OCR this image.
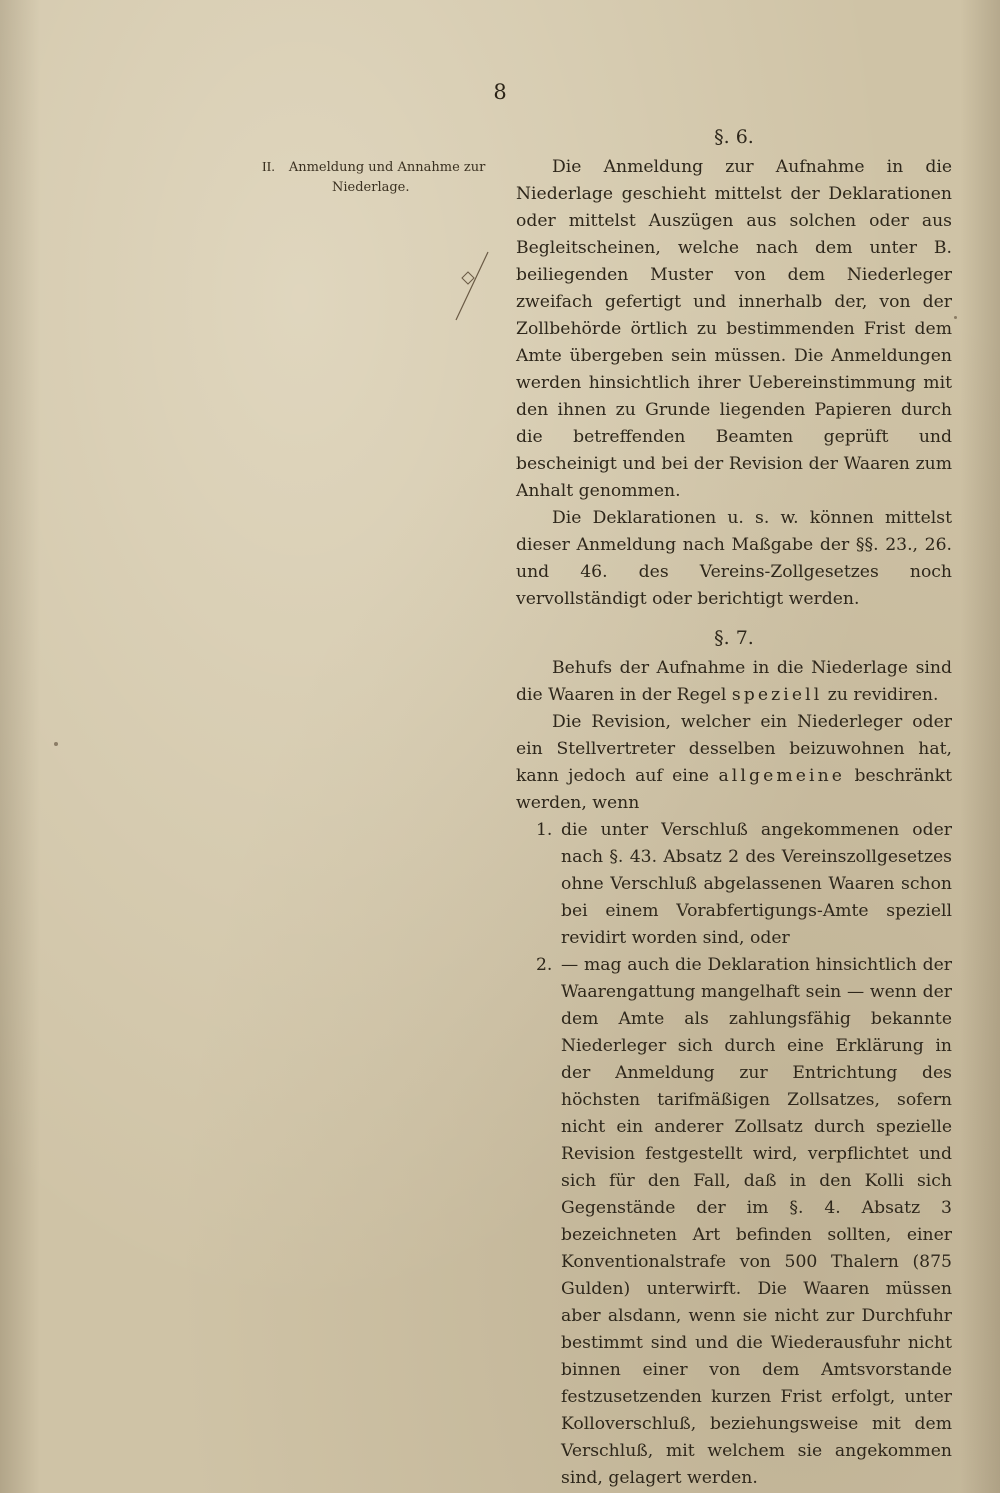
8
II. Anmeldung und Annahme zur
Niederlage.
§. 6.

Die Anmeldung zur Aufnahme in die Niederlage geschieht mittelst der Deklarationen oder mittelst Auszügen aus solchen oder aus Begleitscheinen, welche nach dem unter B. beiliegenden Muster von dem Niederleger zweifach gefertigt und innerhalb der, von der Zollbehörde örtlich zu bestimmenden Frist dem Amte übergeben sein müssen. Die Anmeldungen werden hinsichtlich ihrer Uebereinstimmung mit den ihnen zu Grunde liegenden Papieren durch die betreffenden Beamten geprüft und bescheinigt und bei der Revision der Waaren zum Anhalt genommen.

Die Deklarationen u. s. w. können mittelst dieser Anmeldung nach Maßgabe der §§. 23., 26. und 46. des Vereins-Zollgesetzes noch vervollständigt oder berichtigt werden.

§. 7.

Behufs der Aufnahme in die Niederlage sind die Waaren in der Regel speziell zu revidiren.

Die Revision, welcher ein Niederleger oder ein Stellvertreter desselben beizuwohnen hat, kann jedoch auf eine allgemeine beschränkt werden, wenn

1. die unter Verschluß angekommenen oder nach §. 43. Absatz 2 des Vereinszollgesetzes ohne Verschluß abgelassenen Waaren schon bei einem Vorabfertigungs-Amte speziell revidirt worden sind, oder
2. — mag auch die Deklaration hinsichtlich der Waarengattung mangelhaft sein — wenn der dem Amte als zahlungsfähig bekannte Niederleger sich durch eine Erklärung in der Anmeldung zur Entrichtung des höchsten tarifmäßigen Zollsatzes, sofern nicht ein anderer Zollsatz durch spezielle Revision festgestellt wird, verpflichtet und sich für den Fall, daß in den Kolli sich Gegenstände der im §. 4. Absatz 3 bezeichneten Art befinden sollten, einer Konventionalstrafe von 500 Thalern (875 Gulden) unterwirft. Die Waaren müssen aber alsdann, wenn sie nicht zur Durchfuhr bestimmt sind und die Wiederausfuhr nicht binnen einer von dem Amtsvorstande festzusetzenden kurzen Frist erfolgt, unter Kolloverschluß, beziehungsweise mit dem Verschluß, mit welchem sie angekommen sind, gelagert werden.
